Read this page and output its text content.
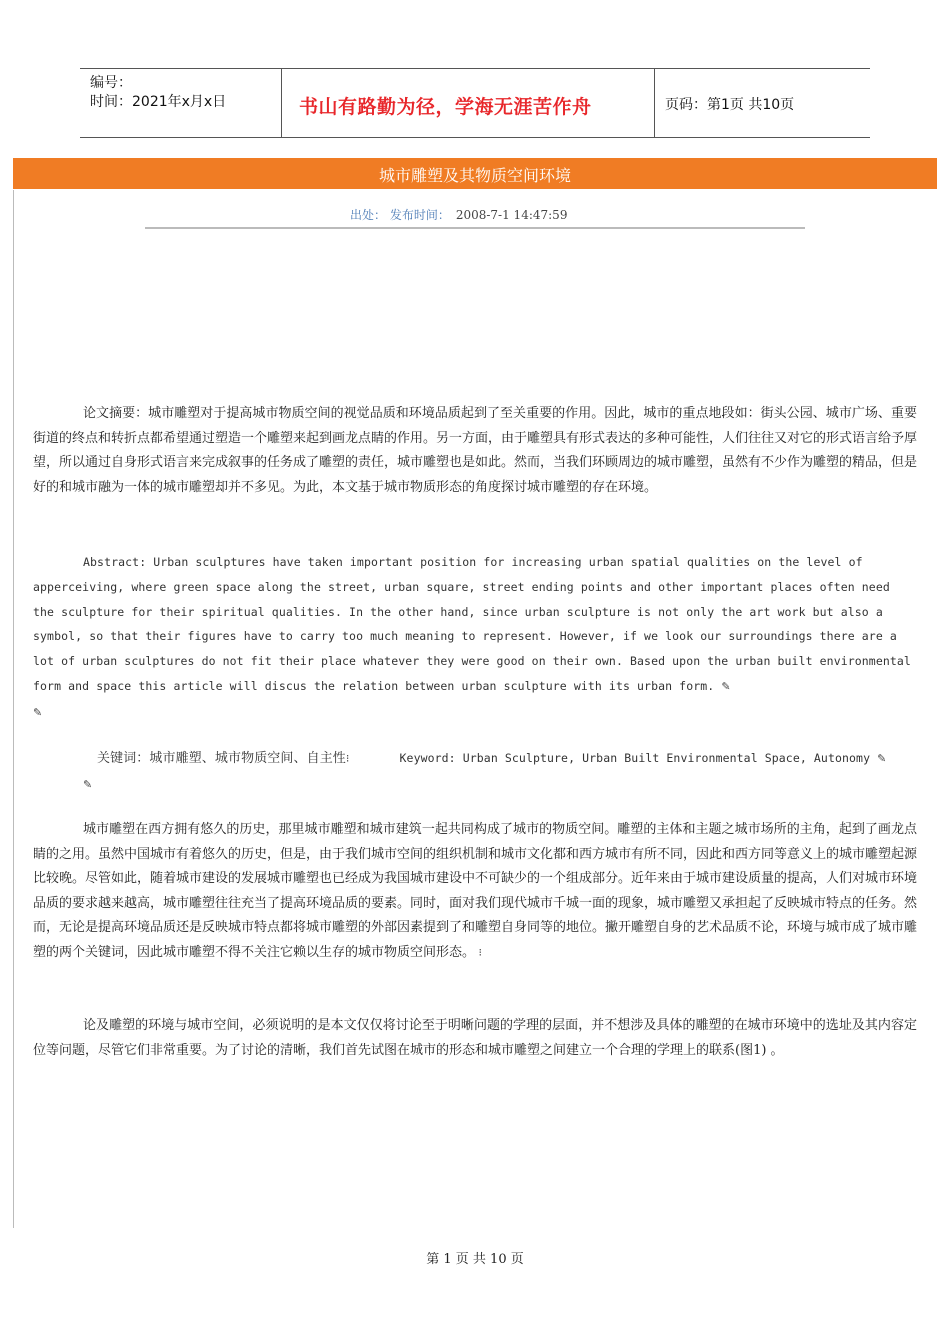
编号：
时间：2021年x月x日	书山有路勤为径，学海无涯苦作舟	页码：第1页 共10页
城市雕塑及其物质空间环境
出处： 发布时间： 2008-7-1 14:47:59

论文摘要：城市雕塑对于提高城市物质空间的视觉品质和环境品质起到了至关重要的作用。因此，城市的重点地段如：街头公园、城市广场、重要街道的终点和转折点都希望通过塑造一个雕塑来起到画龙点睛的作用。另一方面，由于雕塑具有形式表达的多种可能性，人们往往又对它的形式语言给予厚望，所以通过自身形式语言来完成叙事的任务成了雕塑的责任，城市雕塑也是如此。然而，当我们环顾周边的城市雕塑，虽然有不少作为雕塑的精品，但是好的和城市融为一体的城市雕塑却并不多见。为此，本文基于城市物质形态的角度探讨城市雕塑的存在环境。

Abstract: Urban sculptures have taken important position for increasing urban spatial qualities on the level of apperceiving, where green space along the street, urban square, street ending points and other important places often need the sculpture for their spiritual qualities. In the other hand, since urban sculpture is not only the art work but also a symbol, so that their figures have to carry too much meaning to represent. However, if we look our surroundings there are a lot of urban sculptures do not fit their place whatever they were good on their own. Based upon the urban built environmental form and space this article will discus the relation between urban sculpture with its urban form. ✎
✎

关键词：城市雕塑、城市物质空间、自主性⁝	Keyword: Urban Sculpture, Urban Built Environmental Space, Autonomy ✎✎

城市雕塑在西方拥有悠久的历史，那里城市雕塑和城市建筑一起共同构成了城市的物质空间。雕塑的主体和主题之城市场所的主角，起到了画龙点睛的之用。虽然中国城市有着悠久的历史，但是，由于我们城市空间的组织机制和城市文化都和西方城市有所不同，因此和西方同等意义上的城市雕塑起源比较晚。尽管如此，随着城市建设的发展城市雕塑也已经成为我国城市建设中不可缺少的一个组成部分。近年来由于城市建设质量的提高，人们对城市环境品质的要求越来越高，城市雕塑往往充当了提高环境品质的要素。同时，面对我们现代城市千城一面的现象，城市雕塑又承担起了反映城市特点的任务。然而，无论是提高环境品质还是反映城市特点都将城市雕塑的外部因素提到了和雕塑自身同等的地位。撇开雕塑自身的艺术品质不论，环境与城市成了城市雕塑的两个关键词，因此城市雕塑不得不关注它赖以生存的城市物质空间形态。 ⁝

论及雕塑的环境与城市空间，必须说明的是本文仅仅将讨论至于明晰问题的学理的层面，并不想涉及具体的雕塑的在城市环境中的选址及其内容定位等问题，尽管它们非常重要。为了讨论的清晰，我们首先试图在城市的形态和城市雕塑之间建立一个合理的学理上的联系(图1) 。

第 1 页 共 10 页
